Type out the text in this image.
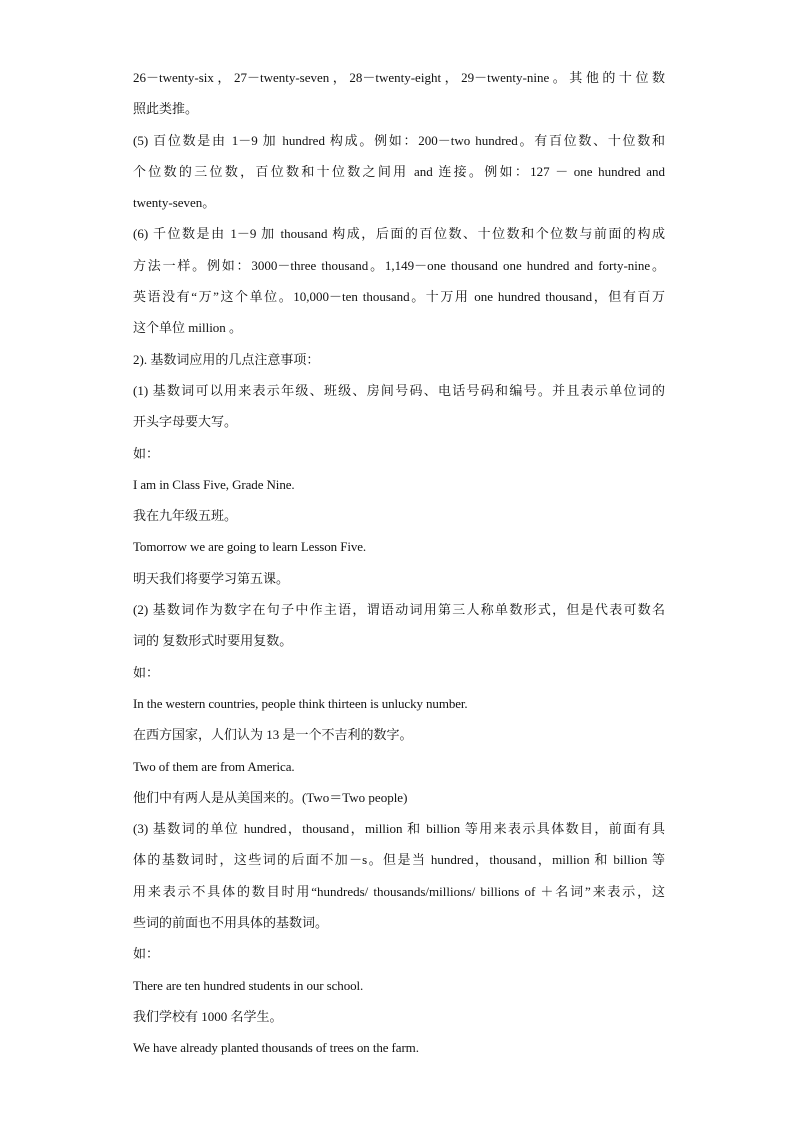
26－twenty-six，27－twenty-seven，28－twenty-eight，29－twenty-nine。其他的十位数
照此类推。
(5) 百位数是由 1－9 加 hundred 构成。例如：200－two hundred。有百位数、十位数和
个位数的三位数，百位数和十位数之间用 and 连接。例如：127 － one hundred and
twenty-seven。
(6) 千位数是由 1－9 加 thousand 构成，后面的百位数、十位数和个位数与前面的构成
方法一样。例如：3000－three thousand。1,149－one thousand one hundred and forty-nine。
英语没有“万”这个单位。10,000－ten thousand。十万用 one hundred thousand，但有百万
这个单位 million 。
2). 基数词应用的几点注意事项：
(1) 基数词可以用来表示年级、班级、房间号码、电话号码和编号。并且表示单位词的
开头字母要大写。
如：
I am in Class Five, Grade Nine.
我在九年级五班。
Tomorrow we are going to learn Lesson Five.
明天我们将要学习第五课。
(2) 基数词作为数字在句子中作主语，谓语动词用第三人称单数形式，但是代表可数名
词的 复数形式时要用复数。
如：
In the western countries, people think thirteen is unlucky number.
在西方国家，人们认为 13 是一个不吉利的数字。
Two of them are from America.
他们中有两人是从美国来的。(Two＝Two people)
(3) 基数词的单位 hundred，thousand，million 和 billion 等用来表示具体数目，前面有具
体的基数词时，这些词的后面不加－s。但是当 hundred，thousand，million 和 billion 等
用来表示不具体的数目时用“hundreds/ thousands/millions/ billions of ＋名词”来表示，这
些词的前面也不用具体的基数词。
如：
There are ten hundred students in our school.
我们学校有 1000 名学生。
We have already planted thousands of trees on the farm.
